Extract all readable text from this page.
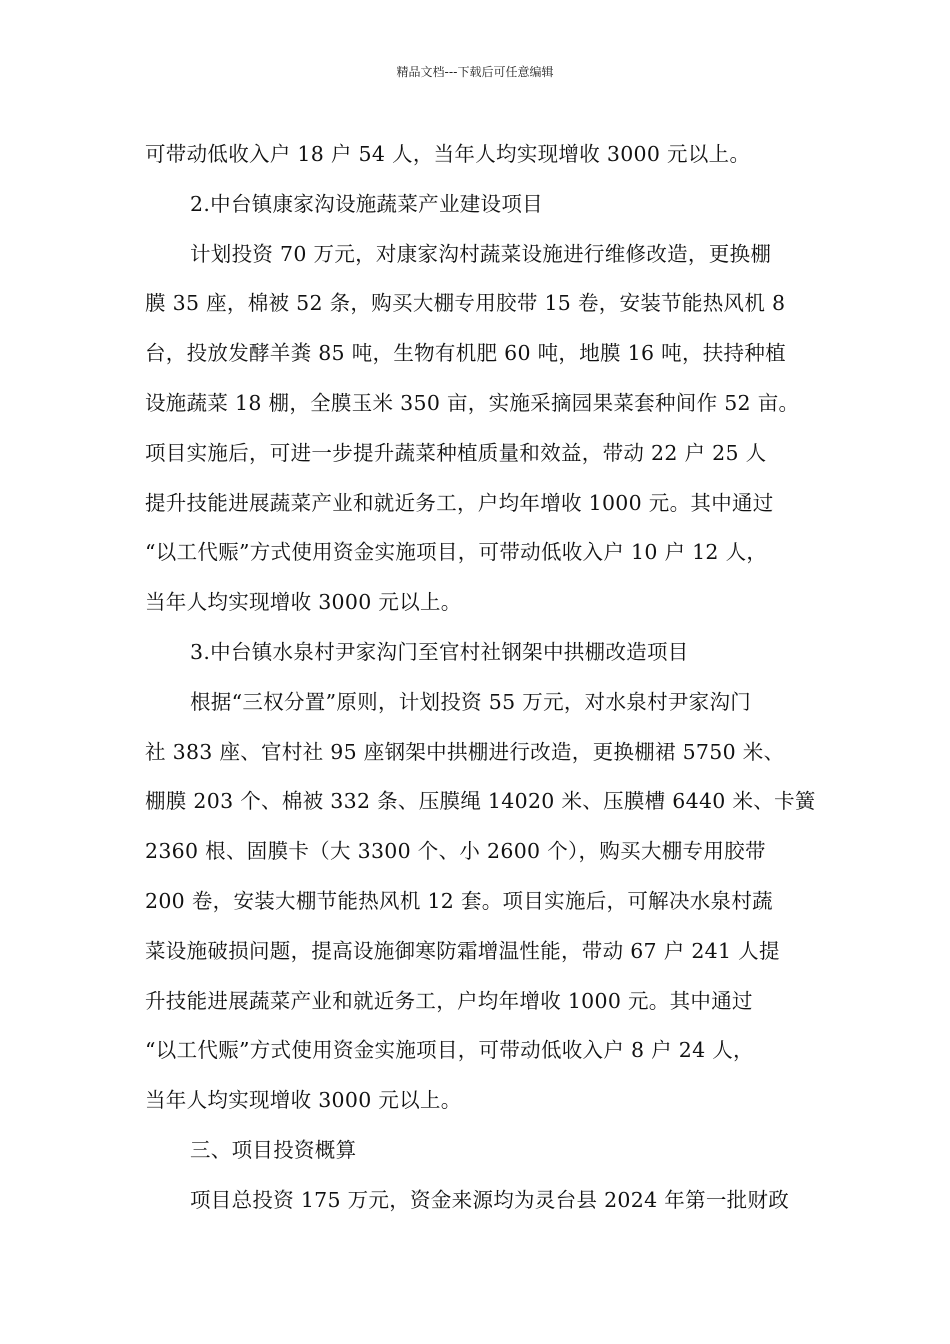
精品文档---下载后可任意编辑
可带动低收入户 18 户 54 人，当年人均实现增收 3000 元以上。
2.中台镇康家沟设施蔬菜产业建设项目
计划投资 70 万元，对康家沟村蔬菜设施进行维修改造，更换棚
膜 35 座，棉被 52 条，购买大棚专用胶带 15 卷，安装节能热风机 8
台，投放发酵羊粪 85 吨，生物有机肥 60 吨，地膜 16 吨，扶持种植
设施蔬菜 18 棚，全膜玉米 350 亩，实施采摘园果菜套种间作 52 亩。
项目实施后，可进一步提升蔬菜种植质量和效益，带动 22 户 25 人
提升技能进展蔬菜产业和就近务工，户均年增收 1000 元。其中通过
“以工代赈”方式使用资金实施项目，可带动低收入户 10 户 12 人，
当年人均实现增收 3000 元以上。
3.中台镇水泉村尹家沟门至官村社钢架中拱棚改造项目
根据“三权分置”原则，计划投资 55 万元，对水泉村尹家沟门
社 383 座、官村社 95 座钢架中拱棚进行改造，更换棚裙 5750 米、
棚膜 203 个、棉被 332 条、压膜绳 14020 米、压膜槽 6440 米、卡簧
2360 根、固膜卡（大 3300 个、小 2600 个），购买大棚专用胶带
200 卷，安装大棚节能热风机 12 套。项目实施后，可解决水泉村蔬
菜设施破损问题，提高设施御寒防霜增温性能，带动 67 户 241 人提
升技能进展蔬菜产业和就近务工，户均年增收 1000 元。其中通过
“以工代赈”方式使用资金实施项目，可带动低收入户 8 户 24 人，
当年人均实现增收 3000 元以上。
三、项目投资概算
项目总投资 175 万元，资金来源均为灵台县 2024 年第一批财政
